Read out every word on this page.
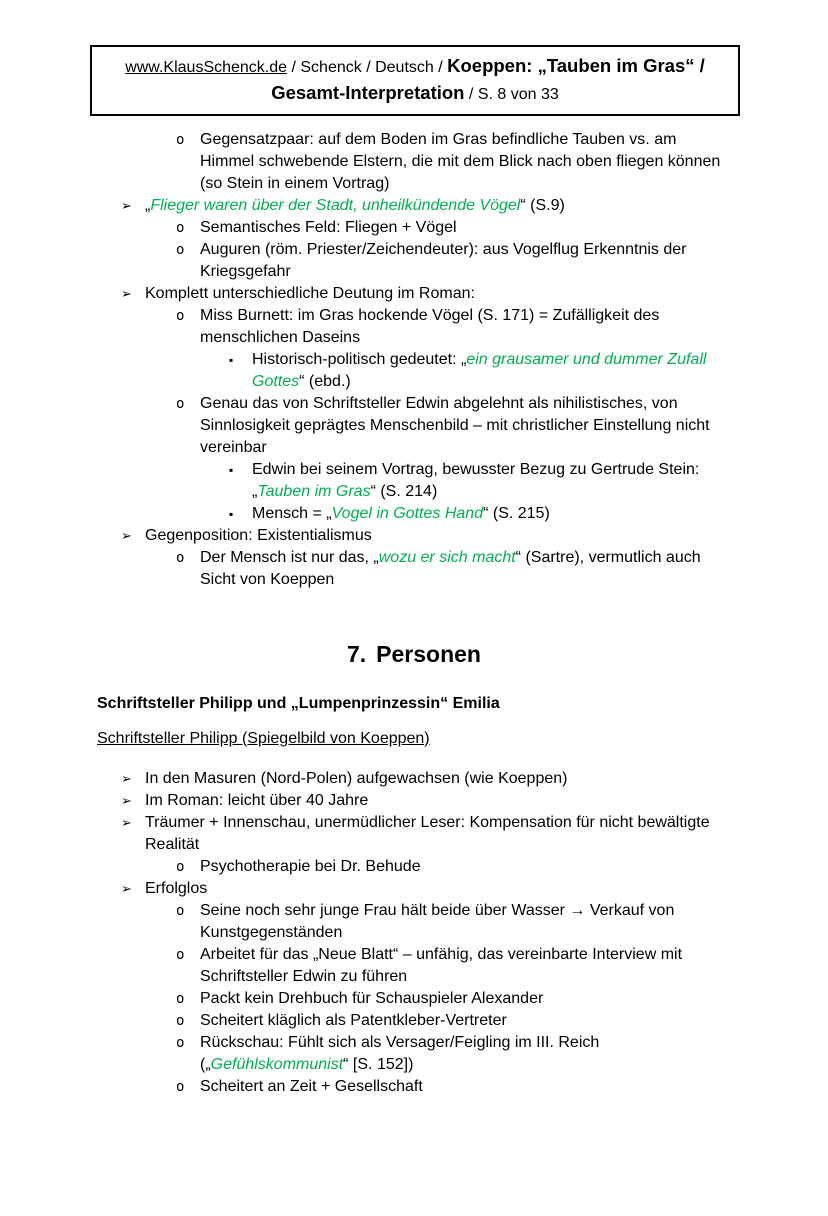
www.KlausSchenck.de / Schenck / Deutsch / Koeppen: „Tauben im Gras“ / Gesamt-Interpretation / S. 8 von 33
o Gegensatzpaar: auf dem Boden im Gras befindliche Tauben vs. am Himmel schwebende Elstern, die mit dem Blick nach oben fliegen können (so Stein in einem Vortrag)
➢ „Flieger waren über der Stadt, unheilkündende Vögel“ (S.9)
o Semantisches Feld: Fliegen + Vögel
o Auguren (röm. Priester/Zeichendeuter): aus Vogelflug Erkenntnis der Kriegsgefahr
➢ Komplett unterschiedliche Deutung im Roman:
o Miss Burnett: im Gras hockende Vögel (S. 171) = Zufälligkeit des menschlichen Daseins
▪ Historisch-politisch gedeutet: „ein grausamer und dummer Zufall Gottes“ (ebd.)
o Genau das von Schriftsteller Edwin abgelehnt als nihilistisches, von Sinnlosigkeit geprägtes Menschenbild – mit christlicher Einstellung nicht vereinbar
▪ Edwin bei seinem Vortrag, bewusster Bezug zu Gertrude Stein: „Tauben im Gras“ (S. 214)
▪ Mensch = „Vogel in Gottes Hand“ (S. 215)
➢ Gegenposition: Existentialismus
o Der Mensch ist nur das, „wozu er sich macht“ (Sartre), vermutlich auch Sicht von Koeppen
7. Personen
Schriftsteller Philipp und „Lumpenprinzessin“ Emilia
Schriftsteller Philipp (Spiegelbild von Koeppen)
➢ In den Masuren (Nord-Polen) aufgewachsen (wie Koeppen)
➢ Im Roman: leicht über 40 Jahre
➢ Träumer + Innenschau, unermüdlicher Leser: Kompensation für nicht bewältigte Realität
o Psychotherapie bei Dr. Behude
➢ Erfolglos
o Seine noch sehr junge Frau hält beide über Wasser → Verkauf von Kunstgegenständen
o Arbeitet für das „Neue Blatt“ – unfähig, das vereinbarte Interview mit Schriftsteller Edwin zu führen
o Packt kein Drehbuch für Schauspieler Alexander
o Scheitert kläglich als Patentkleber-Vertreter
o Rückschau: Fühlt sich als Versager/Feigling im III. Reich („Gefühlskommunist“ [S. 152])
o Scheitert an Zeit + Gesellschaft
